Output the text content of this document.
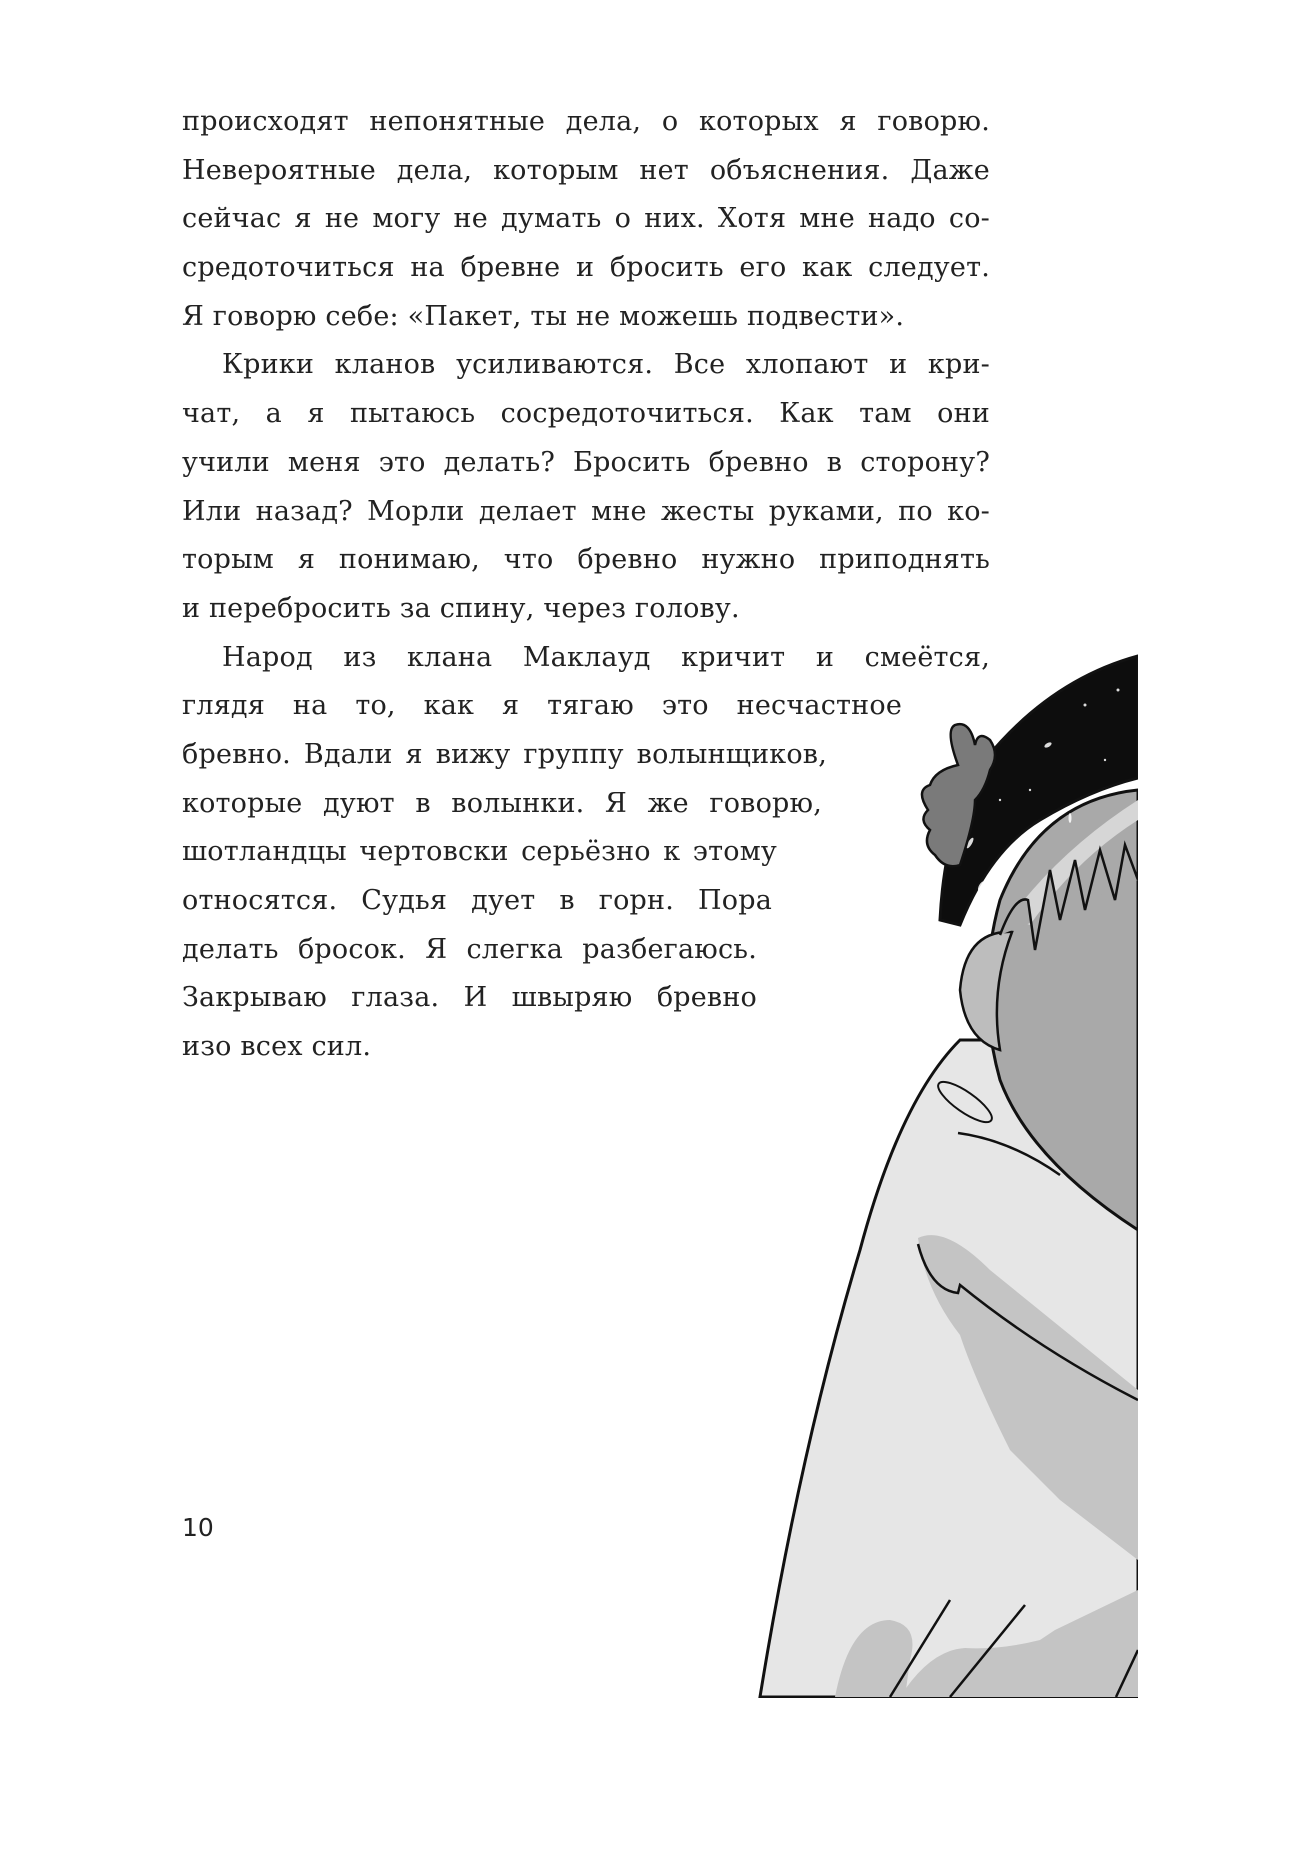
происходят непонятные дела, о которых я говорю.
Невероятные дела, которым нет объяснения. Даже
сейчас я не могу не думать о них. Хотя мне надо со-
средоточиться на бревне и бросить его как следует.
Я говорю себе: «Пакет, ты не можешь подвести».
Крики кланов усиливаются. Все хлопают и кри-
чат, а я пытаюсь сосредоточиться. Как там они
учили меня это делать? Бросить бревно в сторону?
Или назад? Морли делает мне жесты руками, по ко-
торым я понимаю, что бревно нужно приподнять
и перебросить за спину, через голову.
Народ из клана Маклауд кричит и смеётся,
глядя на то, как я тягаю это несчастное
бревно. Вдали я вижу группу волынщиков,
которые дуют в волынки. Я же говорю,
шотландцы чертовски серьёзно к этому
относятся. Судья дует в горн. Пора
делать бросок. Я слегка разбегаюсь.
Закрываю глаза. И швыряю бревно
изо всех сил.
10
